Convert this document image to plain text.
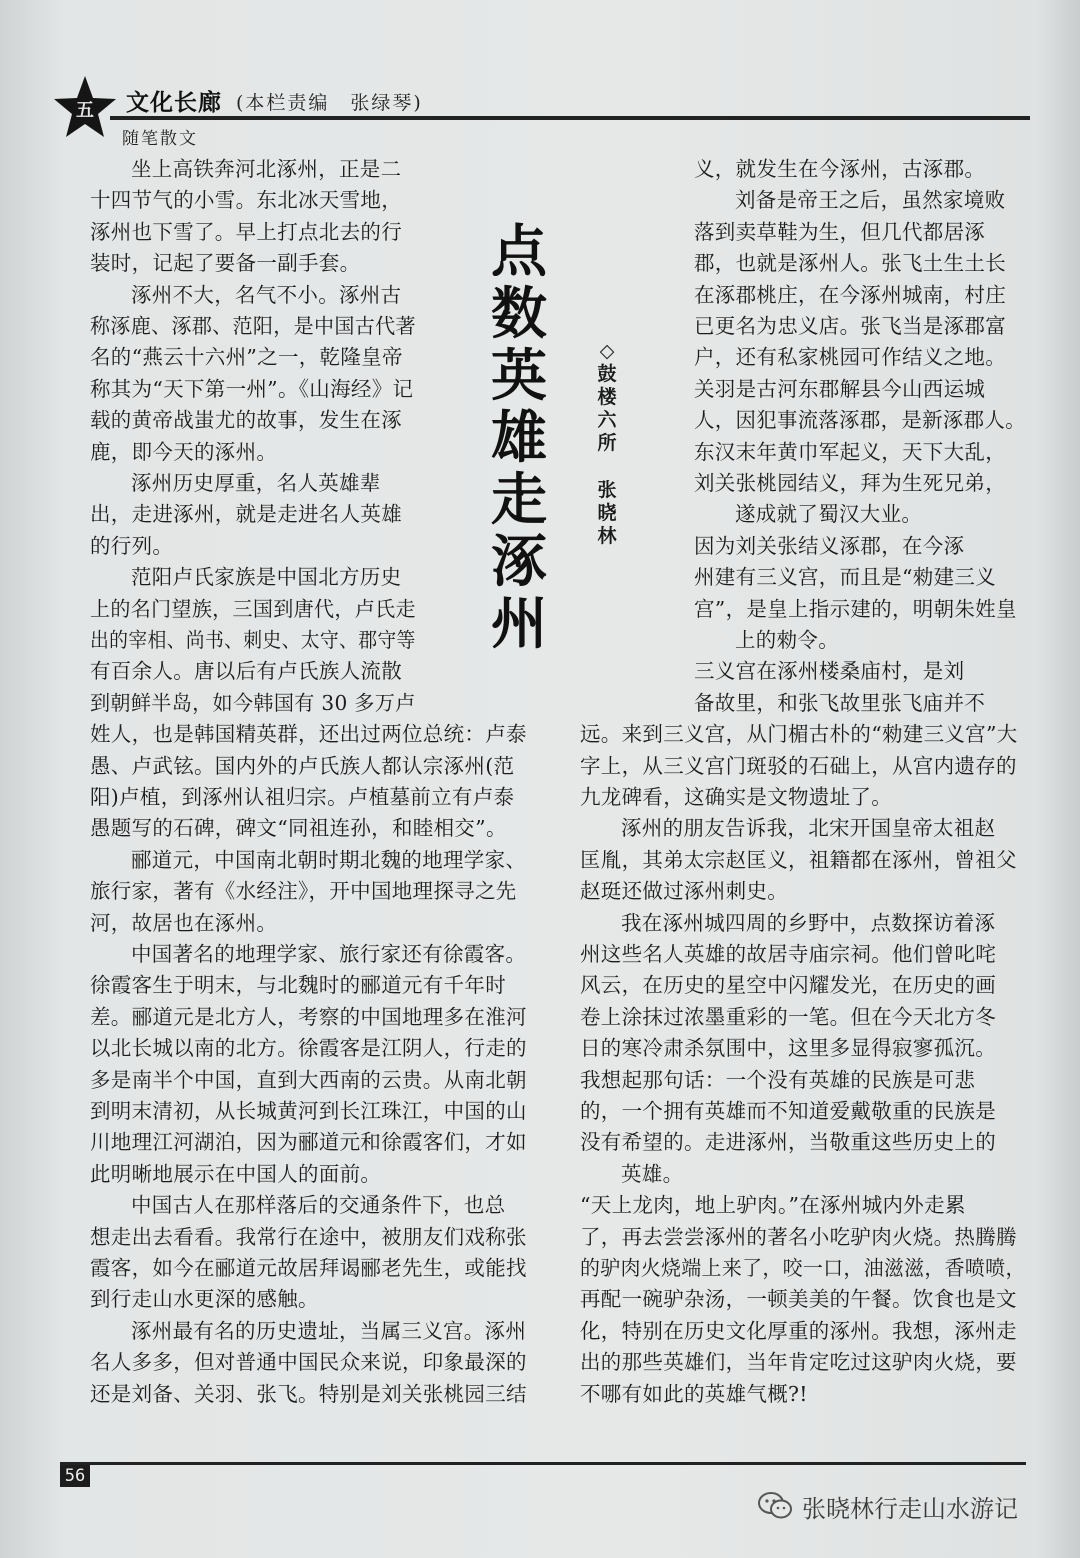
五 文化长廊 (本栏责编　张绿琴)
随笔散文
点
数
英
雄
走
涿
州
◇
鼓
楼
六
所
张
晓
林
坐上高铁奔河北涿州，正是二
十四节气的小雪。东北冰天雪地，
涿州也下雪了。早上打点北去的行
装时，记起了要备一副手套。
涿州不大，名气不小。涿州古
称涿鹿、涿郡、范阳，是中国古代著
名的“燕云十六州”之一，乾隆皇帝
称其为“天下第一州”。《山海经》记
载的黄帝战蚩尤的故事，发生在涿
鹿，即今天的涿州。
涿州历史厚重，名人英雄辈
出，走进涿州，就是走进名人英雄
的行列。
范阳卢氏家族是中国北方历史
上的名门望族，三国到唐代，卢氏走
出的宰相、尚书、刺史、太守、郡守等
有百余人。唐以后有卢氏族人流散
到朝鲜半岛，如今韩国有 30 多万卢
姓人，也是韩国精英群，还出过两位总统：卢泰
愚、卢武铉。国内外的卢氏族人都认宗涿州(范
阳)卢植，到涿州认祖归宗。卢植墓前立有卢泰
愚题写的石碑，碑文“同祖连孙，和睦相交”。
郦道元，中国南北朝时期北魏的地理学家、
旅行家，著有《水经注》，开中国地理探寻之先
河，故居也在涿州。
中国著名的地理学家、旅行家还有徐霞客。
徐霞客生于明末，与北魏时的郦道元有千年时
差。郦道元是北方人，考察的中国地理多在淮河
以北长城以南的北方。徐霞客是江阴人，行走的
多是南半个中国，直到大西南的云贵。从南北朝
到明末清初，从长城黄河到长江珠江，中国的山
川地理江河湖泊，因为郦道元和徐霞客们，才如
此明晰地展示在中国人的面前。
中国古人在那样落后的交通条件下，也总
想走出去看看。我常行在途中，被朋友们戏称张
霞客，如今在郦道元故居拜谒郦老先生，或能找
到行走山水更深的感触。
涿州最有名的历史遗址，当属三义宫。涿州
名人多多，但对普通中国民众来说，印象最深的
还是刘备、关羽、张飞。特别是刘关张桃园三结
义，就发生在今涿州，古涿郡。
刘备是帝王之后，虽然家境败
落到卖草鞋为生，但几代都居涿
郡，也就是涿州人。张飞土生土长
在涿郡桃庄，在今涿州城南，村庄
已更名为忠义店。张飞当是涿郡富
户，还有私家桃园可作结义之地。
关羽是古河东郡解县今山西运城
人，因犯事流落涿郡，是新涿郡人。
东汉末年黄巾军起义，天下大乱，
刘关张桃园结义，拜为生死兄弟，
遂成就了蜀汉大业。
因为刘关张结义涿郡，在今涿
州建有三义宫，而且是“勑建三义
宫”，是皇上指示建的，明朝朱姓皇
上的勑令。
三义宫在涿州楼桑庙村，是刘
备故里，和张飞故里张飞庙并不
远。来到三义宫，从门楣古朴的“勑建三义宫”大
字上，从三义宫门斑驳的石础上，从宫内遗存的
九龙碑看，这确实是文物遗址了。
涿州的朋友告诉我，北宋开国皇帝太祖赵
匡胤，其弟太宗赵匡义，祖籍都在涿州，曾祖父
赵珽还做过涿州刺史。
我在涿州城四周的乡野中，点数探访着涿
州这些名人英雄的故居寺庙宗祠。他们曾叱咤
风云，在历史的星空中闪耀发光，在历史的画
卷上涂抹过浓墨重彩的一笔。但在今天北方冬
日的寒冷肃杀氛围中，这里多显得寂寥孤沉。
我想起那句话：一个没有英雄的民族是可悲
的，一个拥有英雄而不知道爱戴敬重的民族是
没有希望的。走进涿州，当敬重这些历史上的
英雄。
“天上龙肉，地上驴肉。”在涿州城内外走累
了，再去尝尝涿州的著名小吃驴肉火烧。热腾腾
的驴肉火烧端上来了，咬一口，油滋滋，香喷喷，
再配一碗驴杂汤，一顿美美的午餐。饮食也是文
化，特别在历史文化厚重的涿州。我想，涿州走
出的那些英雄们，当年肯定吃过这驴肉火烧，要
不哪有如此的英雄气概?!
56
张晓林行走山水游记
